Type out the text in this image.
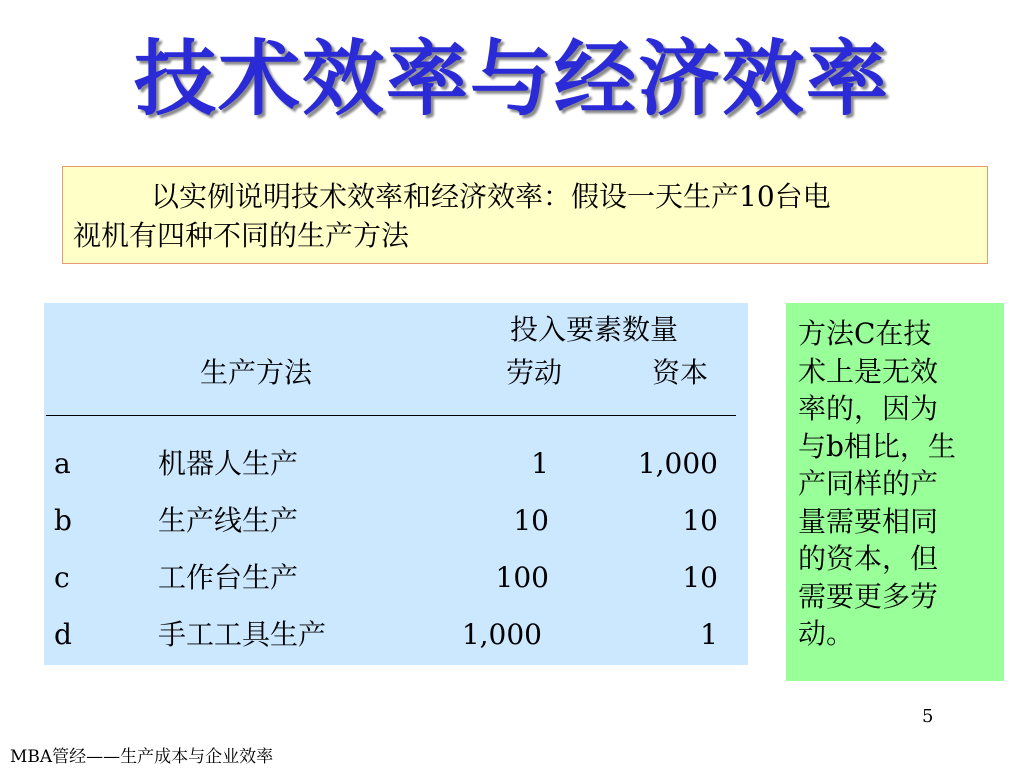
技术效率与经济效率
以实例说明技术效率和经济效率：假设一天生产10台电
视机有四种不同的生产方法
投入要素数量
生产方法	劳动	资本
a	机器人生产	1	1,000
b	生产线生产	10	10
c	工作台生产	100	10
d	手工工具生产	1,000	1
方法C在技
术上是无效
率的，因为
与b相比，生
产同样的产
量需要相同
的资本，但
需要更多劳
动。
5
MBA管经——生产成本与企业效率
